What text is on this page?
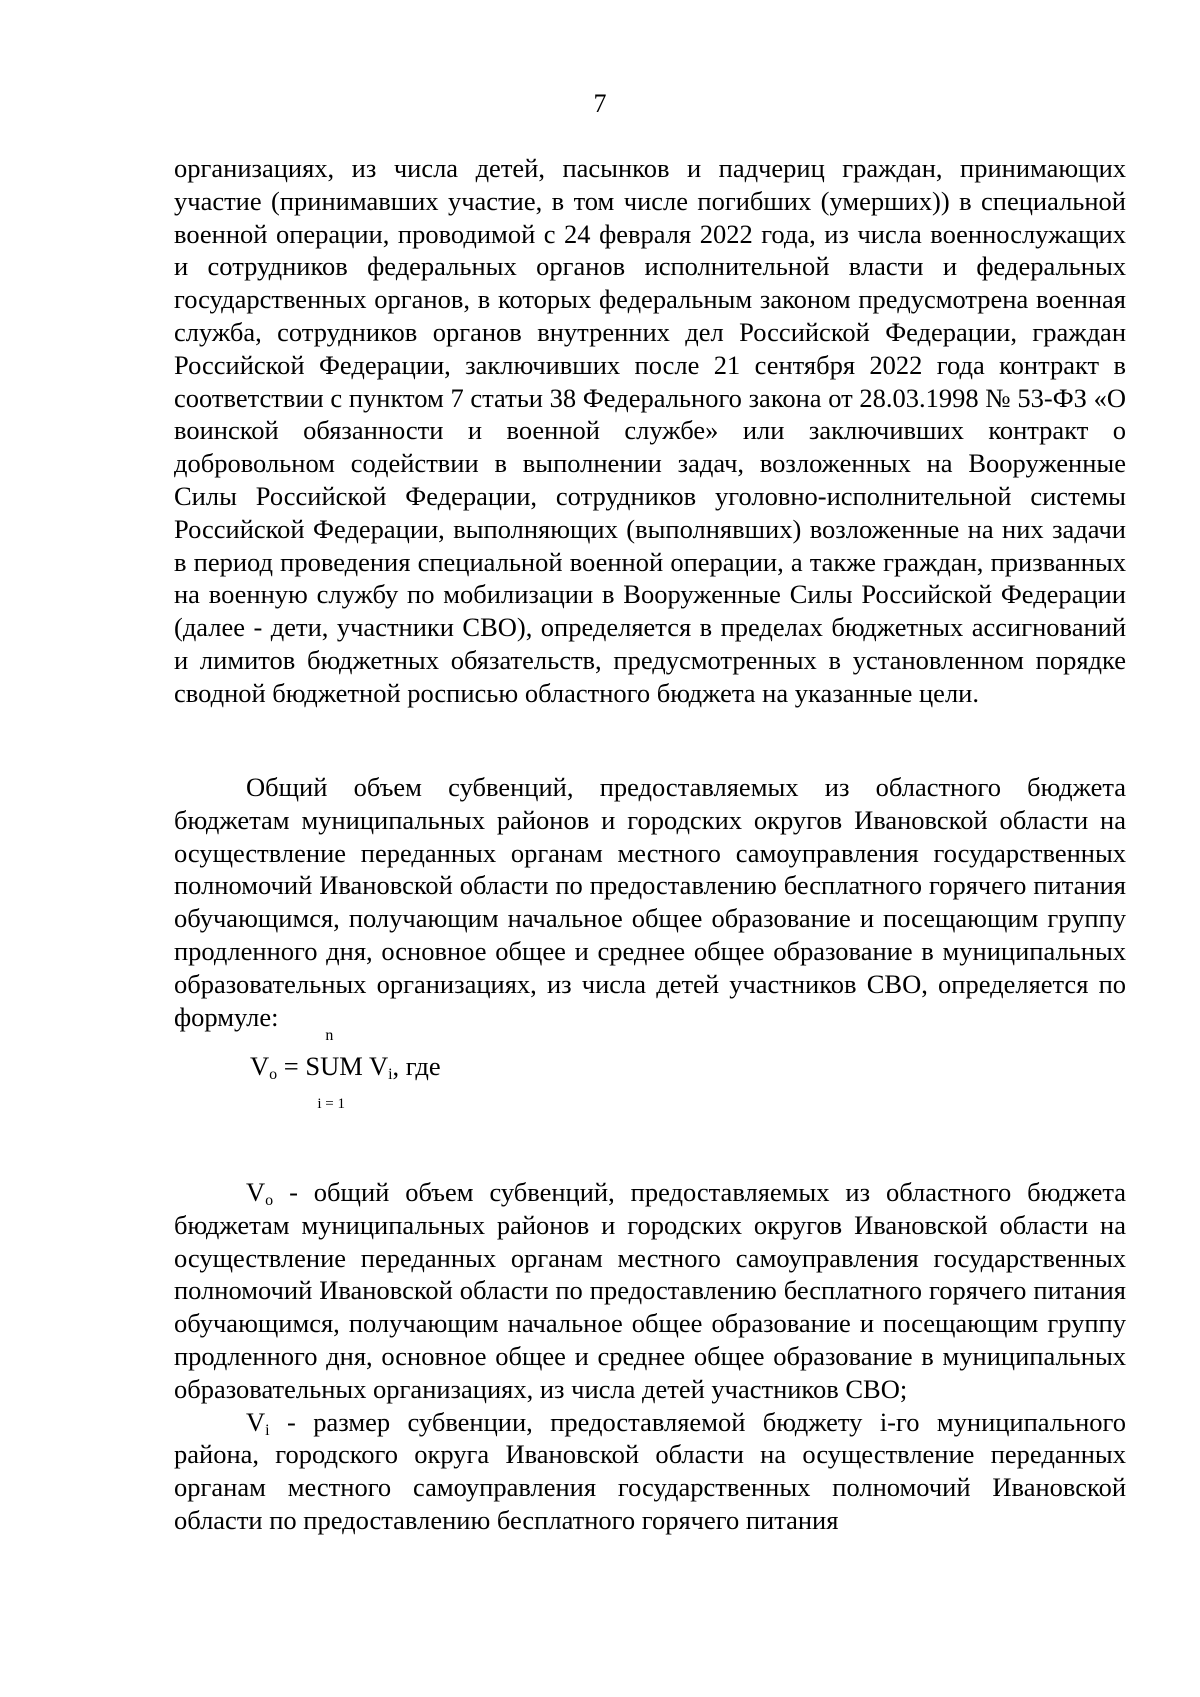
7

организациях, из числа детей, пасынков и падчериц граждан, принимающих участие (принимавших участие, в том числе погибших (умерших)) в специальной военной операции, проводимой с 24 февраля 2022 года, из числа военнослужащих и сотрудников федеральных органов исполнительной власти и федеральных государственных органов, в которых федеральным законом предусмотрена военная служба, сотрудников органов внутренних дел Российской Федерации, граждан Российской Федерации, заключивших после 21 сентября 2022 года контракт в соответствии с пунктом 7 статьи 38 Федерального закона от 28.03.1998 № 53-ФЗ «О воинской обязанности и военной службе» или заключивших контракт о добровольном содействии в выполнении задач, возложенных на Вооруженные Силы Российской Федерации, сотрудников уголовно-исполнительной системы Российской Федерации, выполняющих (выполнявших) возложенные на них задачи в период проведения специальной военной операции, а также граждан, призванных на военную службу по мобилизации в Вооруженные Силы Российской Федерации (далее - дети, участники СВО), определяется в пределах бюджетных ассигнований и лимитов бюджетных обязательств, предусмотренных в установленном порядке сводной бюджетной росписью областного бюджета на указанные цели.

Общий объем субвенций, предоставляемых из областного бюджета бюджетам муниципальных районов и городских округов Ивановской области на осуществление переданных органам местного самоуправления государственных полномочий Ивановской области по предоставлению бесплатного горячего питания обучающимся, получающим начальное общее образование и посещающим группу продленного дня, основное общее и среднее общее образование в муниципальных образовательных организациях, из числа детей участников СВО, определяется по формуле:

$V_o$ =
n
SUM
i = 1
$V_i$, где

$V_o$ - общий объем субвенций, предоставляемых из областного бюджета бюджетам муниципальных районов и городских округов Ивановской области на осуществление переданных органам местного самоуправления государственных полномочий Ивановской области по предоставлению бесплатного горячего питания обучающимся, получающим начальное общее образование и посещающим группу продленного дня, основное общее и среднее общее образование в муниципальных образовательных организациях, из числа детей участников СВО;

$V_i$ - размер субвенции, предоставляемой бюджету i-го муниципального района, городского округа Ивановской области на осуществление переданных органам местного самоуправления государственных полномочий Ивановской области по предоставлению бесплатного горячего питания
